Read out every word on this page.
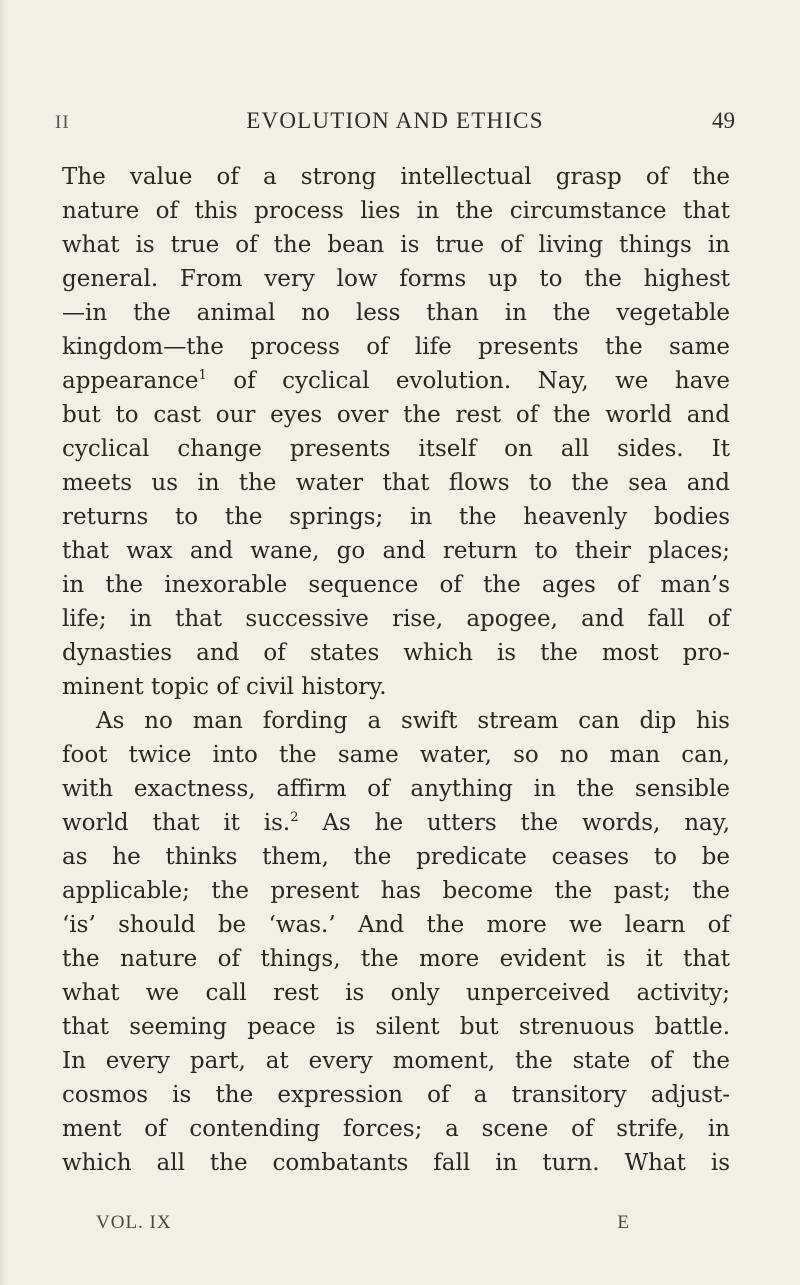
II	EVOLUTION AND ETHICS	49
The value of a strong intellectual grasp of the
nature of this process lies in the circumstance that
what is true of the bean is true of living things in
general. From very low forms up to the highest
—in the animal no less than in the vegetable
kingdom—the process of life presents the same
appearance$^1$ of cyclical evolution. Nay, we have
but to cast our eyes over the rest of the world and
cyclical change presents itself on all sides. It
meets us in the water that flows to the sea and
returns to the springs; in the heavenly bodies
that wax and wane, go and return to their places;
in the inexorable sequence of the ages of man’s
life; in that successive rise, apogee, and fall of
dynasties and of states which is the most pro-
minent topic of civil history.
As no man fording a swift stream can dip his
foot twice into the same water, so no man can,
with exactness, affirm of anything in the sensible
world that it is.$^2$ As he utters the words, nay,
as he thinks them, the predicate ceases to be
applicable; the present has become the past; the
‘is’ should be ‘was.’ And the more we learn of
the nature of things, the more evident is it that
what we call rest is only unperceived activity;
that seeming peace is silent but strenuous battle.
In every part, at every moment, the state of the
cosmos is the expression of a transitory adjust-
ment of contending forces; a scene of strife, in
which all the combatants fall in turn. What is
VOL. IX	E
